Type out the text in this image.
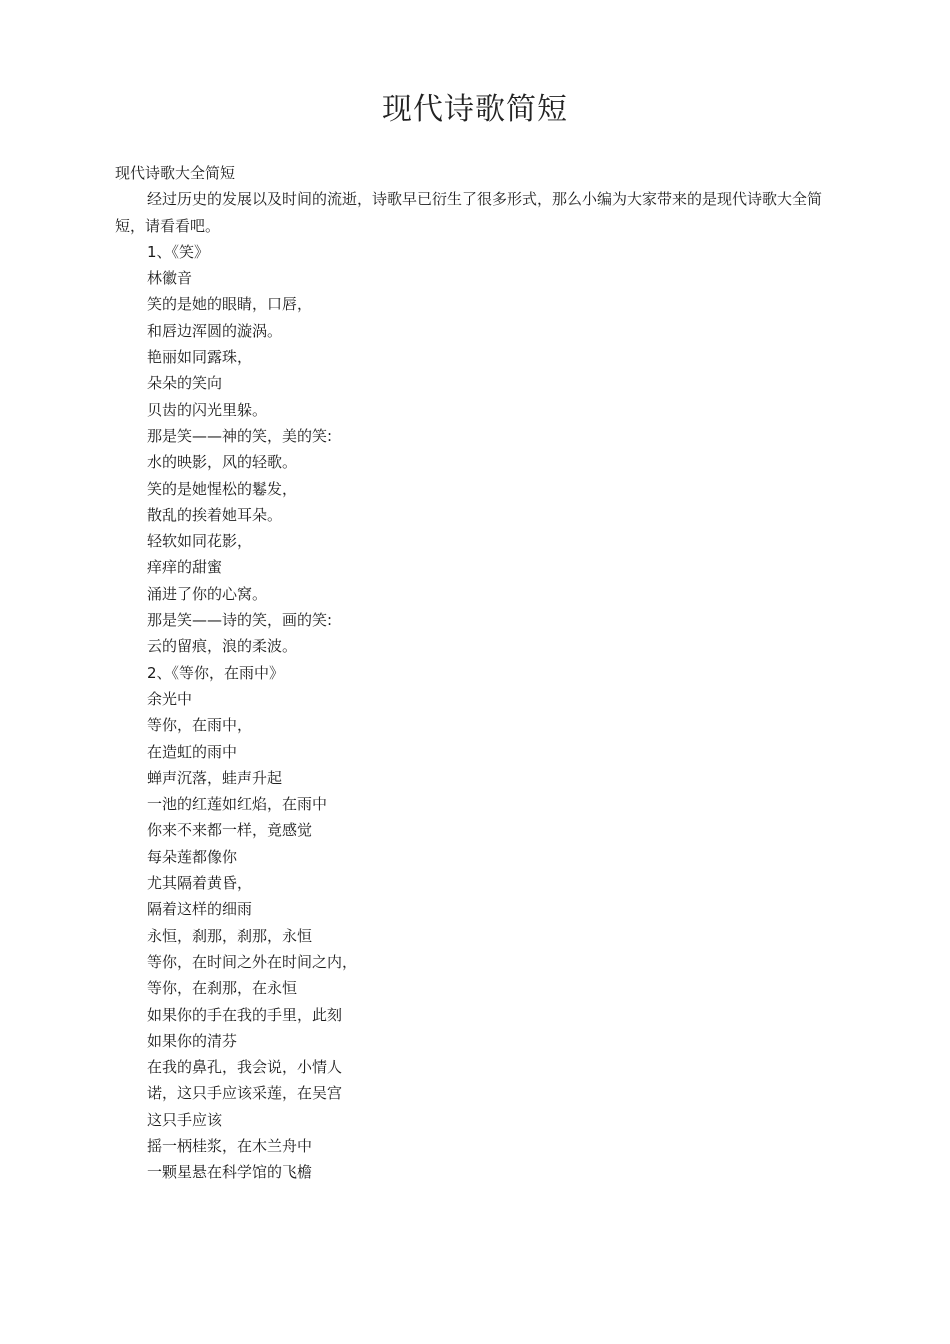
现代诗歌简短

现代诗歌大全简短

经过历史的发展以及时间的流逝，诗歌早已衍生了很多形式，那么小编为大家带来的是现代诗歌大全简短，请看看吧。

1、《笑》

林徽音

笑的是她的眼睛，口唇，

和唇边浑圆的漩涡。

艳丽如同露珠，

朵朵的笑向

贝齿的闪光里躲。

那是笑——神的笑，美的笑:

水的映影，风的轻歌。

笑的是她惺松的鬈发，

散乱的挨着她耳朵。

轻软如同花影，

痒痒的甜蜜

涌进了你的心窝。

那是笑——诗的笑，画的笑:

云的留痕，浪的柔波。

2、《等你，在雨中》

余光中

等你，在雨中，

在造虹的雨中

蝉声沉落，蛙声升起

一池的红莲如红焰，在雨中

你来不来都一样，竟感觉

每朵莲都像你

尤其隔着黄昏，

隔着这样的细雨

永恒，刹那，刹那，永恒

等你，在时间之外在时间之内，

等你，在刹那，在永恒

如果你的手在我的手里，此刻

如果你的清芬

在我的鼻孔，我会说，小情人

诺，这只手应该采莲，在吴宫

这只手应该

摇一柄桂浆，在木兰舟中

一颗星悬在科学馆的飞檐
